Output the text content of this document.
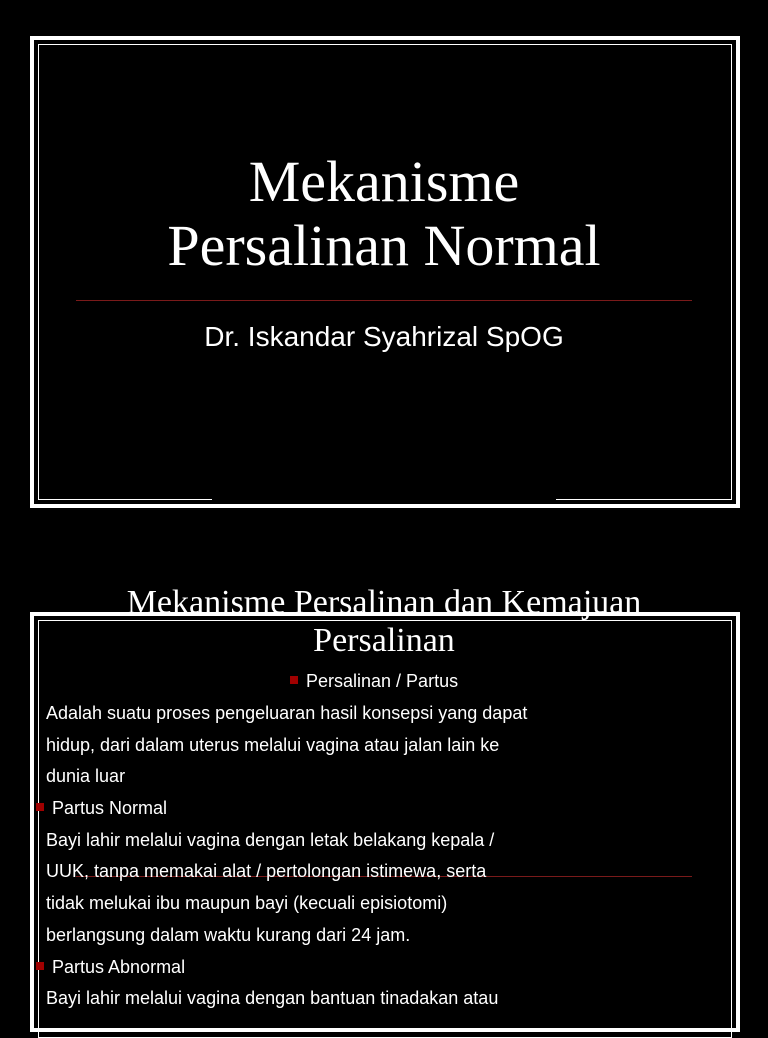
Mekanisme
Persalinan Normal
Dr. Iskandar Syahrizal SpOG
Mekanisme Persalinan dan Kemajuan
Persalinan
Persalinan / Partus
Adalah suatu proses pengeluaran hasil konsepsi yang dapat
hidup, dari dalam uterus melalui vagina atau jalan lain ke
dunia luar
Partus Normal
Bayi lahir melalui vagina dengan letak belakang kepala /
UUK, tanpa memakai alat / pertolongan istimewa, serta
tidak melukai ibu maupun bayi (kecuali episiotomi)
berlangsung dalam waktu kurang dari 24 jam.
Partus Abnormal
Bayi lahir melalui vagina dengan bantuan tinadakan atau
